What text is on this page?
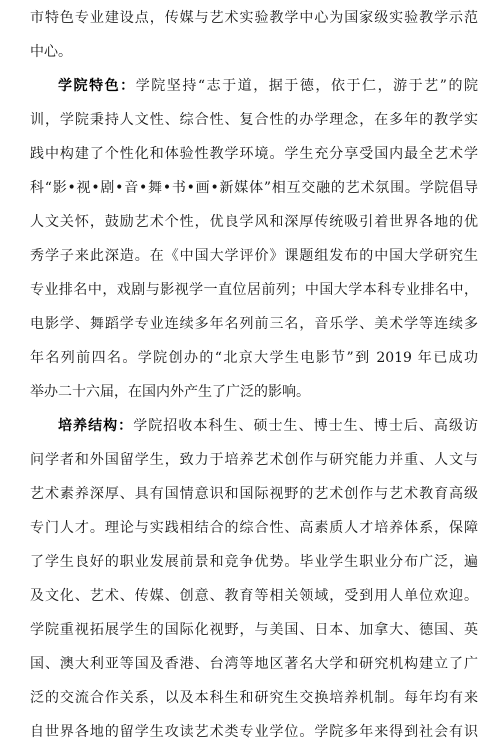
市特色专业建设点，传媒与艺术实验教学中心为国家级实验教学示范
中心。
学院特色：学院坚持“志于道，据于德，依于仁，游于艺”的院
训，学院秉持人文性、综合性、复合性的办学理念，在多年的教学实
践中构建了个性化和体验性教学环境。学生充分享受国内最全艺术学
科“影•视•剧•音•舞•书•画•新媒体”相互交融的艺术氛围。学院倡导
人文关怀，鼓励艺术个性，优良学风和深厚传统吸引着世界各地的优
秀学子来此深造。在《中国大学评价》课题组发布的中国大学研究生
专业排名中，戏剧与影视学一直位居前列；中国大学本科专业排名中，
电影学、舞蹈学专业连续多年名列前三名，音乐学、美术学等连续多
年名列前四名。学院创办的“北京大学生电影节”到 2019 年已成功
举办二十六届，在国内外产生了广泛的影响。
培养结构：学院招收本科生、硕士生、博士生、博士后、高级访
问学者和外国留学生，致力于培养艺术创作与研究能力并重、人文与
艺术素养深厚、具有国情意识和国际视野的艺术创作与艺术教育高级
专门人才。理论与实践相结合的综合性、高素质人才培养体系，保障
了学生良好的职业发展前景和竞争优势。毕业学生职业分布广泛，遍
及文化、艺术、传媒、创意、教育等相关领域，受到用人单位欢迎。
学院重视拓展学生的国际化视野，与美国、日本、加拿大、德国、英
国、澳大利亚等国及香港、台湾等地区著名大学和研究机构建立了广
泛的交流合作关系，以及本科生和研究生交换培养机制。每年均有来
自世界各地的留学生攻读艺术类专业学位。学院多年来得到社会有识
